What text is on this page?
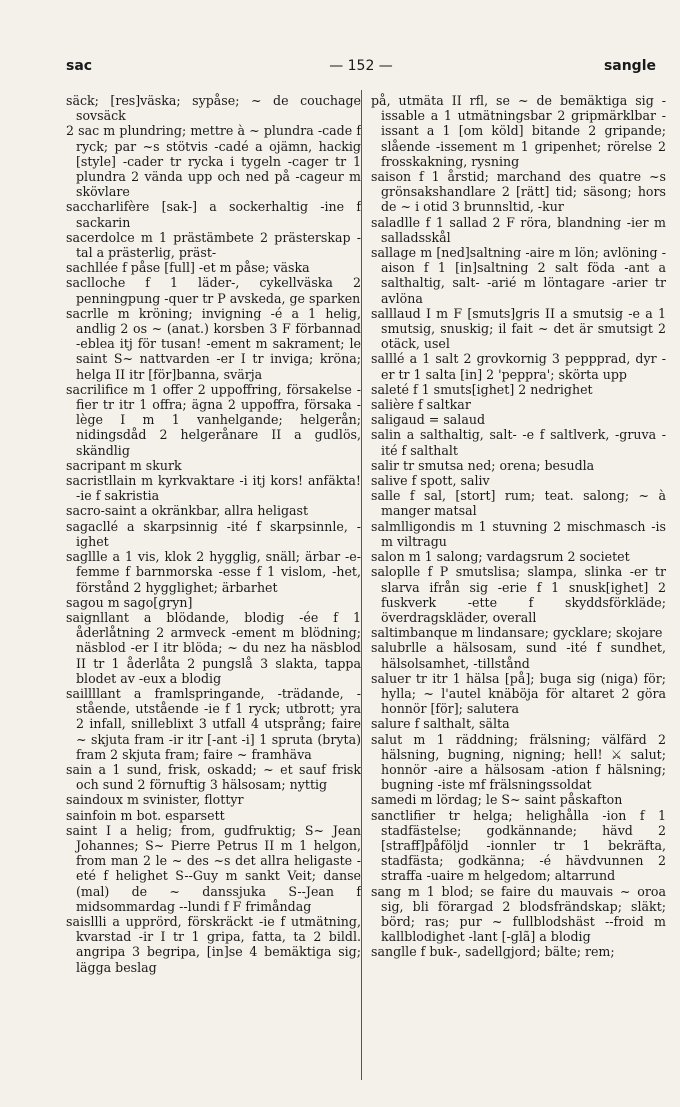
sac	— 152 —	sangle

säck; [res]väska; sypåse; ~ de couchage sovsäck

2 sac m plundring; mettre à ~ plundra -cade f ryck; par ~s stötvis -cadé a ojämn, hackig [style] -cader tr rycka i tygeln -cager tr 1 plundra 2 vända upp och ned på -cageur m skövlare

saccharlifère [sak-] a sockerhaltig -ine f sackarin

sacerdolce m 1 prästämbete 2 prästerskap -tal a prästerlig, präst-

sachllée f påse [full] -et m påse; väska

saclloche f 1 läder-, cykellväska 2 penningpung -quer tr P avskeda, ge sparken

sacrlle m kröning; invigning -é a 1 helig, andlig 2 os ~ (anat.) korsben 3 F förbannad -eblea itj för tusan! -ement m sakrament; le saint S~ nattvarden -er I tr inviga; kröna; helga II itr [för]banna, svärja

sacrilifice m 1 offer 2 uppoffring, försakelse -fier tr itr 1 offra; ägna 2 uppoffra, försaka -lège I m 1 vanhelgande; helgerån; nidingsdåd 2 helgerånare II a gudlös, skändlig

sacripant m skurk

sacristllain m kyrkvaktare -i itj kors! anfäkta! -ie f sakristia

sacro-saint a okränkbar, allra heligast

sagacllé a skarpsinnig -ité f skarpsinnle, -ighet

sagllle a 1 vis, klok 2 hygglig, snäll; ärbar -e-femme f barnmorska -esse f 1 vislom, -het, förstånd 2 hygglighet; ärbarhet

sagou m sago[gryn]

saignllant a blödande, blodig -ée f 1 åderlåtning 2 armveck -ement m blödning; näsblod -er I itr blöda; ~ du nez ha näsblod II tr 1 åderlåta 2 pungslå 3 slakta, tappa blodet av -eux a blodig

saillllant a framlspringande, -trädande, -stående, utstående -ie f 1 ryck; utbrott; yra 2 infall, snilleblixt 3 utfall 4 utsprång; faire ~ skjuta fram -ir itr [-ant -i] 1 spruta (bryta) fram 2 skjuta fram; faire ~ framhäva

sain a 1 sund, frisk, oskadd; ~ et sauf frisk och sund 2 förnuftig 3 hälsosam; nyttig

saindoux m svinister, flottyr

sainfoin m bot. esparsett

saint I a helig; from, gudfruktig; S~ Jean Johannes; S~ Pierre Petrus II m 1 helgon, from man 2 le ~ des ~s det allra heligaste -eté f helighet S--Guy m sankt Veit; danse (mal) de ~ danssjuka S--Jean f midsommardag --lundi f F frimåndag

saisllli a upprörd, förskräckt -ie f utmätning, kvarstad -ir I tr 1 gripa, fatta, ta 2 bildl. angripa 3 begripa, [in]se 4 bemäktiga sig; lägga beslag

på, utmäta II rfl, se ~ de bemäktiga sig -issable a 1 utmätningsbar 2 gripmärklbar -issant a 1 [om köld] bitande 2 gripande; slående -issement m 1 gripenhet; rörelse 2 frosskakning, rysning

saison f 1 årstid; marchand des quatre ~s grönsakshandlare 2 [rätt] tid; säsong; hors de ~ i otid 3 brunnsltid, -kur

saladlle f 1 sallad 2 F röra, blandning -ier m salladsskål

sallage m [ned]saltning -aire m lön; avlöning -aison f 1 [in]saltning 2 salt föda -ant a salthaltig, salt- -arié m löntagare -arier tr avlöna

salllaud I m F [smuts]gris II a smutsig -e a 1 smutsig, snuskig; il fait ~ det är smutsigt 2 otäck, usel

salllé a 1 salt 2 grovkornig 3 peppprad, dyr -er tr 1 salta [in] 2 'peppra'; skörta upp

saleté f 1 smuts[ighet] 2 nedrighet

salière f saltkar

saligaud = salaud

salin a salthaltig, salt- -e f saltlverk, -gruva -ité f salthalt

salir tr smutsa ned; orena; besudla

salive f spott, saliv

salle f sal, [stort] rum; teat. salong; ~ à manger matsal

salmlligondis m 1 stuvning 2 mischmasch -is m viltragu

salon m 1 salong; vardagsrum 2 societet

saloplle f P smutslisa; slampa, slinka -er tr slarva ifrån sig -erie f 1 snusk[ighet] 2 fuskverk -ette f skyddsförkläde; överdragskläder, overall

saltimbanque m lindansare; gycklare; skojare

salubrlle a hälsosam, sund -ité f sundhet, hälsolsamhet, -tillstånd

saluer tr itr 1 hälsa [på]; buga sig (niga) för; hylla; ~ l'autel knäböja för altaret 2 göra honnör [för]; salutera

salure f salthalt, sälta

salut m 1 räddning; frälsning; välfärd 2 hälsning, bugning, nigning; hell! ⚔ salut; honnör -aire a hälsosam -ation f hälsning; bugning -iste mf frälsningssoldat

samedi m lördag; le S~ saint påskafton

sanctlifier tr helga; helighålla -ion f 1 stadfästelse; godkännande; hävd 2 [straff]påföljd -ionnler tr 1 bekräfta, stadfästa; godkänna; -é hävdvunnen 2 straffa -uaire m helgedom; altarrund

sang m 1 blod; se faire du mauvais ~ oroa sig, bli förargad 2 blodsfrändskap; släkt; börd; ras; pur ~ fullblodshäst --froid m kallblodighet -lant [-glã] a blodig

sanglle f buk-, sadellgjord; bälte; rem;
